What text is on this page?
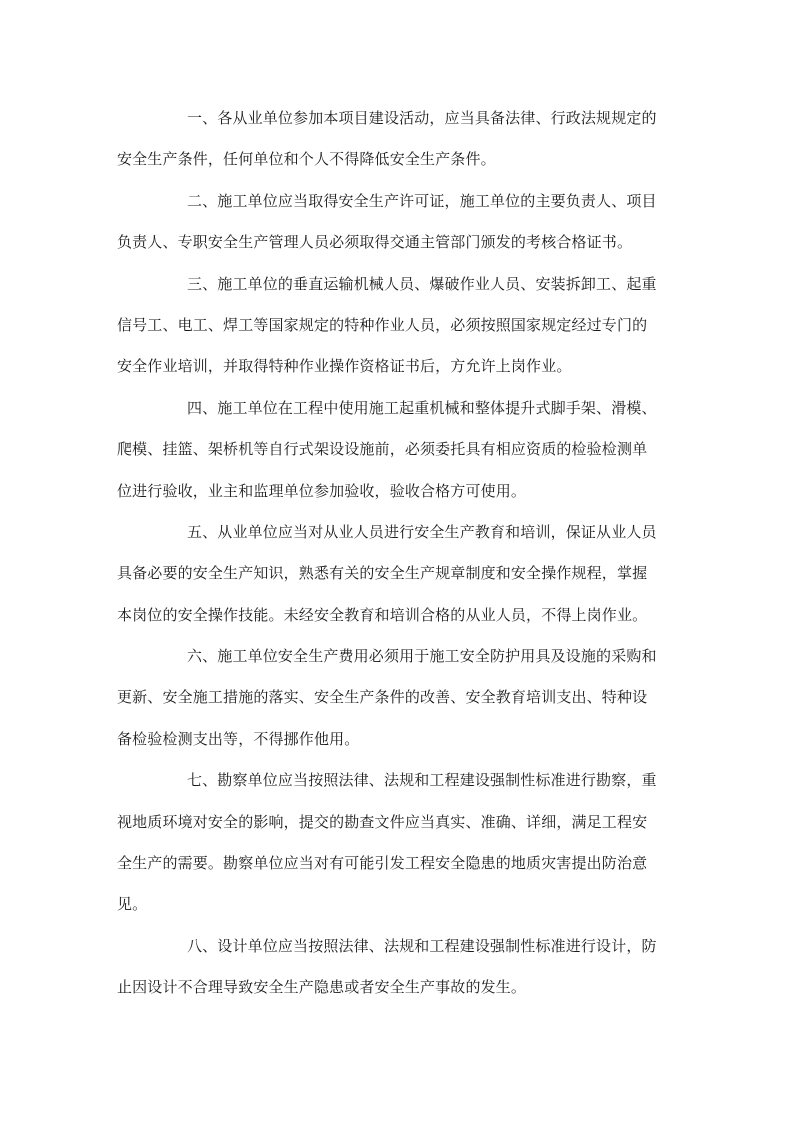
一、各从业单位参加本项目建设活动，应当具备法律、行政法规规定的
安全生产条件，任何单位和个人不得降低安全生产条件。
二、施工单位应当取得安全生产许可证，施工单位的主要负责人、项目
负责人、专职安全生产管理人员必须取得交通主管部门颁发的考核合格证书。
三、施工单位的垂直运输机械人员、爆破作业人员、安装拆卸工、起重
信号工、电工、焊工等国家规定的特种作业人员，必须按照国家规定经过专门的
安全作业培训，并取得特种作业操作资格证书后，方允许上岗作业。
四、施工单位在工程中使用施工起重机械和整体提升式脚手架、滑模、
爬模、挂篮、架桥机等自行式架设设施前，必须委托具有相应资质的检验检测单
位进行验收，业主和监理单位参加验收，验收合格方可使用。
五、从业单位应当对从业人员进行安全生产教育和培训，保证从业人员
具备必要的安全生产知识，熟悉有关的安全生产规章制度和安全操作规程，掌握
本岗位的安全操作技能。未经安全教育和培训合格的从业人员，不得上岗作业。
六、施工单位安全生产费用必须用于施工安全防护用具及设施的采购和
更新、安全施工措施的落实、安全生产条件的改善、安全教育培训支出、特种设
备检验检测支出等，不得挪作他用。
七、勘察单位应当按照法律、法规和工程建设强制性标准进行勘察，重
视地质环境对安全的影响，提交的勘查文件应当真实、准确、详细，满足工程安
全生产的需要。勘察单位应当对有可能引发工程安全隐患的地质灾害提出防治意
见。
八、设计单位应当按照法律、法规和工程建设强制性标准进行设计，防
止因设计不合理导致安全生产隐患或者安全生产事故的发生。
